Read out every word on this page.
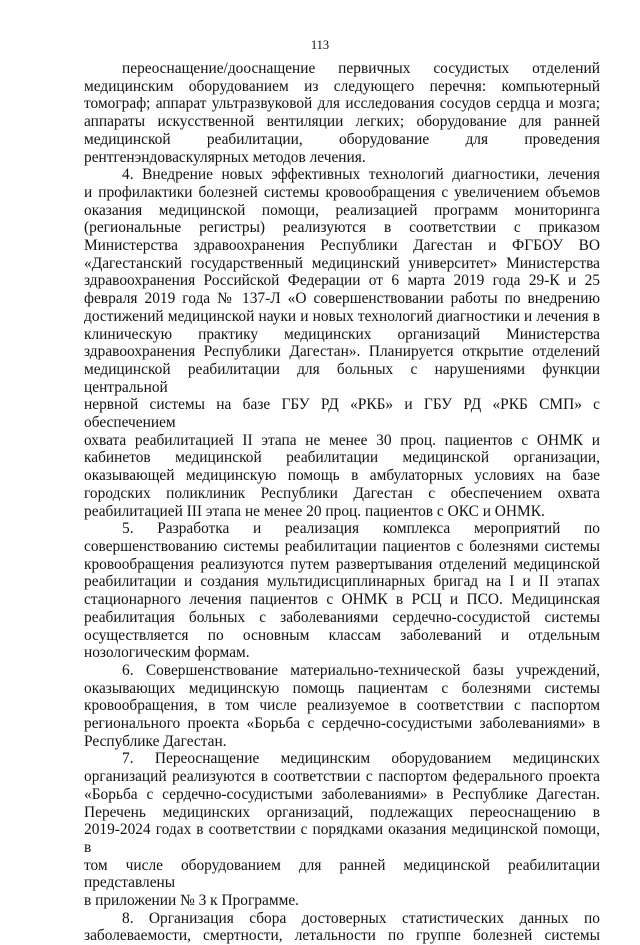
113
переоснащение/дооснащение первичных сосудистых отделений
медицинским оборудованием из следующего перечня: компьютерный
томограф; аппарат ультразвуковой для исследования сосудов сердца и мозга;
аппараты искусственной вентиляции легких; оборудование для ранней
медицинской реабилитации, оборудование для проведения
рентгенэндоваскулярных методов лечения.
4. Внедрение новых эффективных технологий диагностики, лечения
и профилактики болезней системы кровообращения с увеличением объемов
оказания медицинской помощи, реализацией программ мониторинга
(региональные регистры) реализуются в соответствии с приказом
Министерства здравоохранения Республики Дагестан и ФГБОУ ВО
«Дагестанский государственный медицинский университет» Министерства
здравоохранения Российской Федерации от 6 марта 2019 года 29-К и 25
февраля 2019 года № 137-Л «О совершенствовании работы по внедрению
достижений медицинской науки и новых технологий диагностики и лечения в
клиническую практику медицинских организаций Министерства
здравоохранения Республики Дагестан». Планируется открытие отделений
медицинской реабилитации для больных с нарушениями функции центральной
нервной системы на базе ГБУ РД «РКБ» и ГБУ РД «РКБ СМП» с обеспечением
охвата реабилитацией II этапа не менее 30 проц. пациентов с ОНМК и
кабинетов медицинской реабилитации медицинской организации,
оказывающей медицинскую помощь в амбулаторных условиях на базе
городских поликлиник Республики Дагестан с обеспечением охвата
реабилитацией III этапа не менее 20 проц. пациентов с ОКС и ОНМК.
5. Разработка и реализация комплекса мероприятий по
совершенствованию системы реабилитации пациентов с болезнями системы
кровообращения реализуются путем развертывания отделений медицинской
реабилитации и создания мультидисциплинарных бригад на I и II этапах
стационарного лечения пациентов с ОНМК в РСЦ и ПСО. Медицинская
реабилитация больных с заболеваниями сердечно-сосудистой системы
осуществляется по основным классам заболеваний и отдельным
нозологическим формам.
6. Совершенствование материально-технической базы учреждений,
оказывающих медицинскую помощь пациентам с болезнями системы
кровообращения, в том числе реализуемое в соответствии с паспортом
регионального проекта «Борьба с сердечно-сосудистыми заболеваниями» в
Республике Дагестан.
7. Переоснащение медицинским оборудованием медицинских
организаций реализуются в соответствии с паспортом федерального проекта
«Борьба с сердечно-сосудистыми заболеваниями» в Республике Дагестан.
Перечень медицинских организаций, подлежащих переоснащению в
2019-2024 годах в соответствии с порядками оказания медицинской помощи, в
том числе оборудованием для ранней медицинской реабилитации представлены
в приложении № 3 к Программе.
8. Организация сбора достоверных статистических данных по
заболеваемости, смертности, летальности по группе болезней системы
